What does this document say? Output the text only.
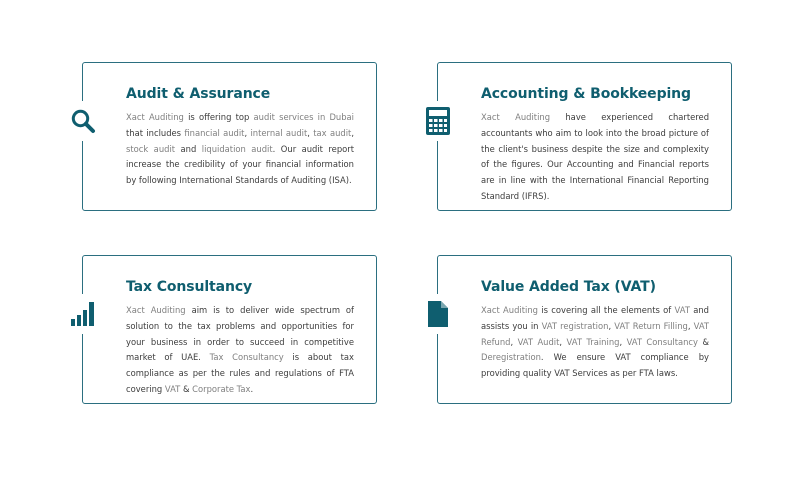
Audit & Assurance

Xact Auditing is offering top audit services in Dubai that includes financial audit, internal audit, tax audit, stock audit and liquidation audit. Our audit report increase the credibility of your financial information by following International Standards of Auditing (ISA).

Accounting & Bookkeeping

Xact Auditing have experienced chartered accountants who aim to look into the broad picture of the client's business despite the size and complexity of the figures. Our Accounting and Financial reports are in line with the International Financial Reporting Standard (IFRS).

Tax Consultancy

Xact Auditing aim is to deliver wide spectrum of solution to the tax problems and opportunities for your business in order to succeed in competitive market of UAE. Tax Consultancy is about tax compliance as per the rules and regulations of FTA covering VAT & Corporate Tax.

Value Added Tax (VAT)

Xact Auditing is covering all the elements of VAT and assists you in VAT registration, VAT Return Filling, VAT Refund, VAT Audit, VAT Training, VAT Consultancy & Deregistration. We ensure VAT compliance by providing quality VAT Services as per FTA laws.
